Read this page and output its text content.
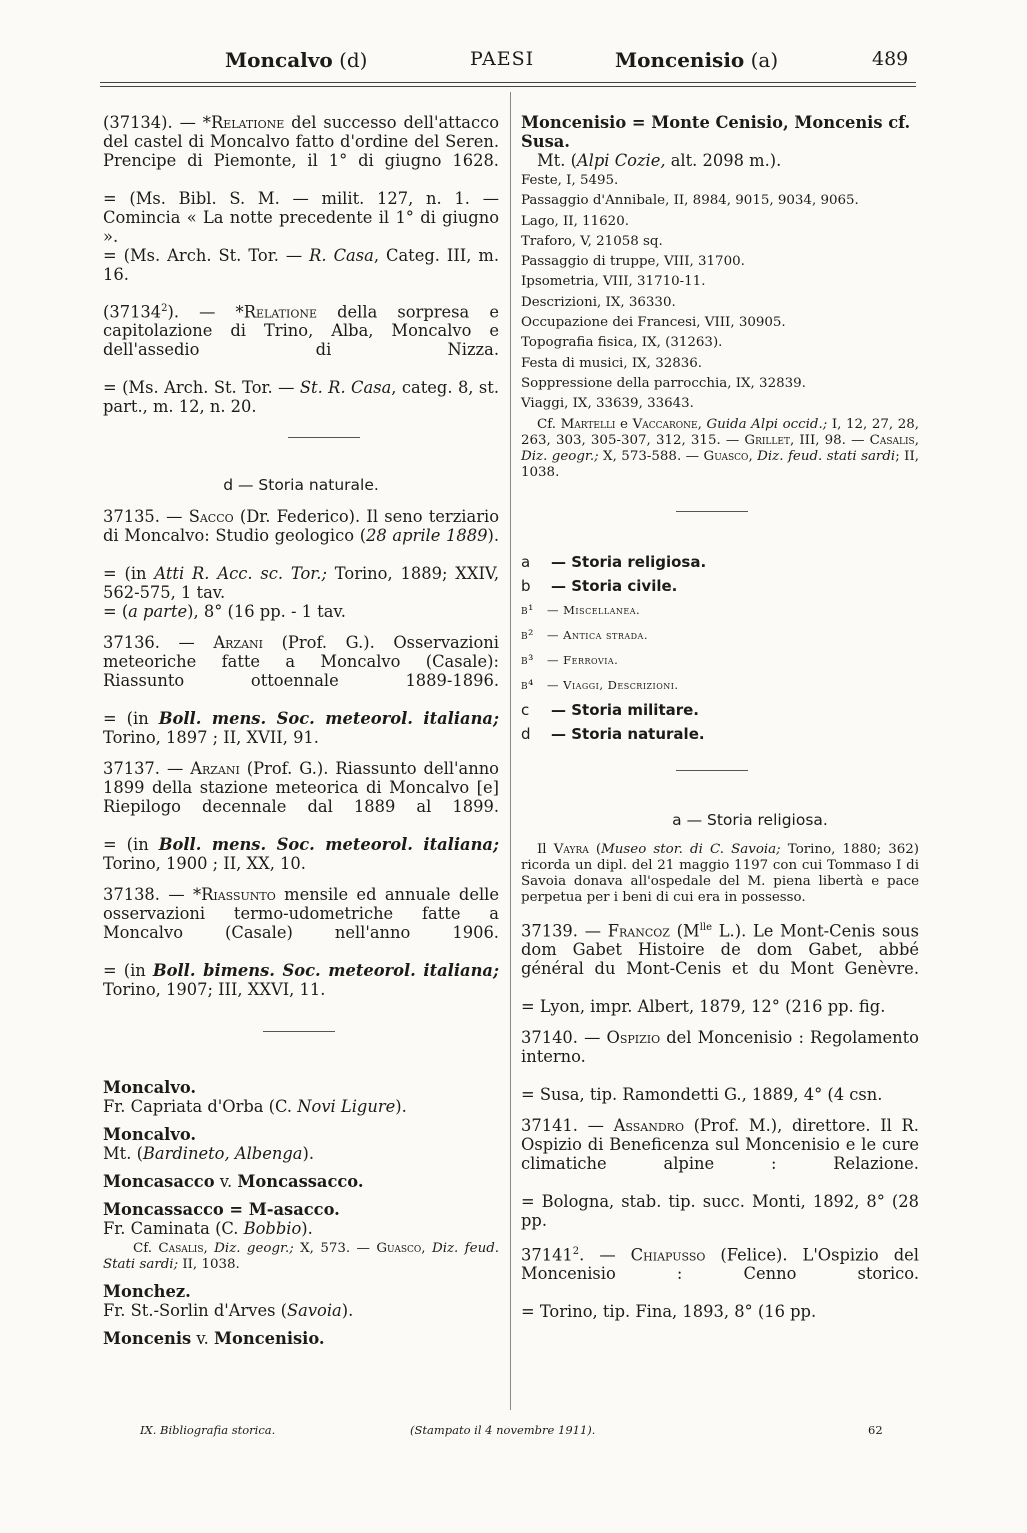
Moncalvo (d)	PAESI	Moncenisio (a)	489

(37134). — *Relatione del successo dell'attacco del castel di Moncalvo fatto d'ordine del Seren. Prencipe di Piemonte, il 1° di giugno 1628.

= (Ms. Bibl. S. M. — milit. 127, n. 1. — Comincia « La notte precedente il 1° di giugno ».

= (Ms. Arch. St. Tor. — R. Casa, Categ. III, m. 16.

(37134$^2$). — *Relatione della sorpresa e capitolazione di Trino, Alba, Moncalvo e dell'assedio di Nizza.

= (Ms. Arch. St. Tor. — St. R. Casa, categ. 8, st. part., m. 12, n. 20.

d — Storia naturale.

37135. — Sacco (Dr. Federico). Il seno terziario di Moncalvo: Studio geologico (28 aprile 1889).

= (in Atti R. Acc. sc. Tor.; Torino, 1889; XXIV, 562-575, 1 tav.

= (a parte), 8° (16 pp. - 1 tav.

37136. — Arzani (Prof. G.). Osservazioni meteoriche fatte a Moncalvo (Casale): Riassunto ottoennale 1889-1896.

= (in Boll. mens. Soc. meteorol. italiana; Torino, 1897 ; II, XVII, 91.

37137. — Arzani (Prof. G.). Riassunto dell'anno 1899 della stazione meteorica di Moncalvo [e] Riepilogo decennale dal 1889 al 1899.

= (in Boll. mens. Soc. meteorol. italiana; Torino, 1900 ; II, XX, 10.

37138. — *Riassunto mensile ed annuale delle osservazioni termo-udometriche fatte a Moncalvo (Casale) nell'anno 1906.

= (in Boll. bimens. Soc. meteorol. italiana; Torino, 1907; III, XXVI, 11.

Moncalvo.

Fr. Capriata d'Orba (C. Novi Ligure).

Moncalvo.

Mt. (Bardineto, Albenga).

Moncasacco v. Moncassacco.

Moncassacco = M-asacco.

Fr. Caminata (C. Bobbio).

Cf. Casalis, Diz. geogr.; X, 573. — Guasco, Diz. feud. Stati sardi; II, 1038.

Monchez.

Fr. St.-Sorlin d'Arves (Savoia).

Moncenis v. Moncenisio.

Moncenisio = Monte Cenisio, Moncenis cf. Susa.

Mt. (Alpi Cozie, alt. 2098 m.).

Feste, I, 5495.

Passaggio d'Annibale, II, 8984, 9015, 9034, 9065.

Lago, II, 11620.

Traforo, V, 21058 sq.

Passaggio di truppe, VIII, 31700.

Ipsometria, VIII, 31710-11.

Descrizioni, IX, 36330.

Occupazione dei Francesi, VIII, 30905.

Topografia fisica, IX, (31263).

Festa di musici, IX, 32836.

Soppressione della parrocchia, IX, 32839.

Viaggi, IX, 33639, 33643.

Cf. Martelli e Vaccarone, Guida Alpi occid.; I, 12, 27, 28, 263, 303, 305-307, 312, 315. — Grillet, III, 98. — Casalis, Diz. geogr.; X, 573-588. — Guasco, Diz. feud. stati sardi; II, 1038.

a — Storia religiosa.

b — Storia civile.

b¹ — Miscellanea.

b² — Antica strada.

b³ — Ferrovia.

b⁴ — Viaggi, Descrizioni.

c — Storia militare.

d — Storia naturale.

a — Storia religiosa.

Il Vayra (Museo stor. di C. Savoia; Torino, 1880; 362) ricorda un dipl. del 21 maggio 1197 con cui Tommaso I di Savoia donava all'ospedale del M. piena libertà e pace perpetua per i beni di cui era in possesso.

37139. — Francoz ($M^{lle}$ L.). Le Mont-Cenis sous dom Gabet Histoire de dom Gabet, abbé général du Mont-Cenis et du Mont Genèvre.

= Lyon, impr. Albert, 1879, 12° (216 pp. fig.

37140. — Ospizio del Moncenisio : Regolamento interno.

= Susa, tip. Ramondetti G., 1889, 4° (4 csn.

37141. — Assandro (Prof. M.), direttore. Il R. Ospizio di Beneficenza sul Moncenisio e le cure climatiche alpine : Relazione.

= Bologna, stab. tip. succ. Monti, 1892, 8° (28 pp.

37141$^2$. — Chiapusso (Felice). L'Ospizio del Moncenisio : Cenno storico.

= Torino, tip. Fina, 1893, 8° (16 pp.

IX. Bibliografia storica.	(Stampato il 4 novembre 1911).	62
